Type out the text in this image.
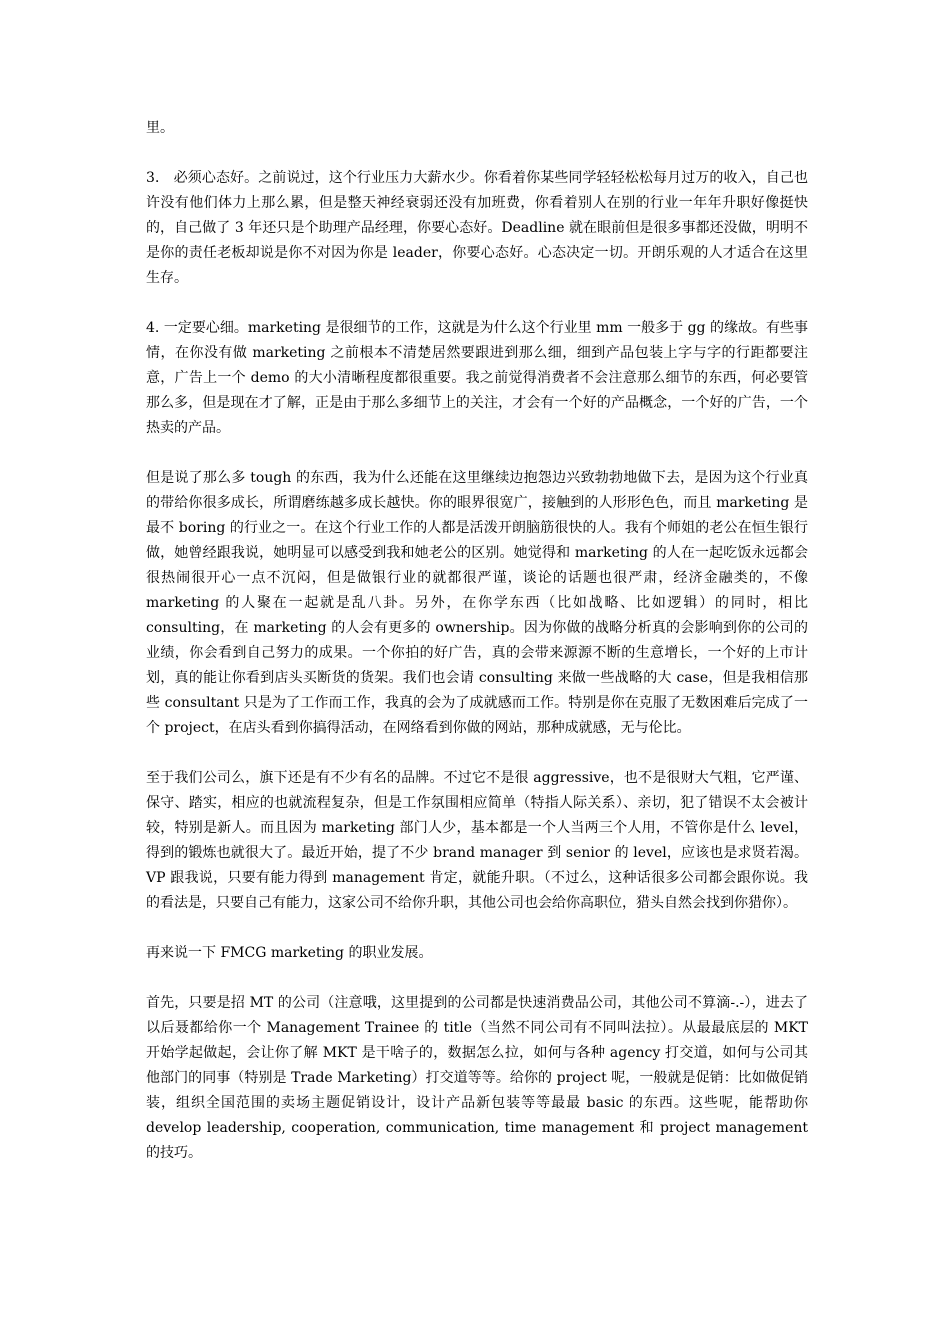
里。

3． 必须心态好。之前说过，这个行业压力大薪水少。你看着你某些同学轻轻松松每月过万的收入，自己也许没有他们体力上那么累，但是整天神经衰弱还没有加班费，你看着别人在别的行业一年年升职好像挺快的，自己做了 3 年还只是个助理产品经理，你要心态好。Deadline 就在眼前但是很多事都还没做，明明不是你的责任老板却说是你不对因为你是 leader，你要心态好。心态决定一切。开朗乐观的人才适合在这里生存。

4. 一定要心细。marketing 是很细节的工作，这就是为什么这个行业里 mm 一般多于 gg 的缘故。有些事情，在你没有做 marketing 之前根本不清楚居然要跟进到那么细，细到产品包装上字与字的行距都要注意，广告上一个 demo 的大小清晰程度都很重要。我之前觉得消费者不会注意那么细节的东西，何必要管那么多，但是现在才了解，正是由于那么多细节上的关注，才会有一个好的产品概念，一个好的广告，一个热卖的产品。

但是说了那么多 tough 的东西，我为什么还能在这里继续边抱怨边兴致勃勃地做下去，是因为这个行业真的带给你很多成长，所谓磨练越多成长越快。你的眼界很宽广，接触到的人形形色色，而且 marketing 是最不 boring 的行业之一。在这个行业工作的人都是活泼开朗脑筋很快的人。我有个师姐的老公在恒生银行做，她曾经跟我说，她明显可以感受到我和她老公的区别。她觉得和 marketing 的人在一起吃饭永远都会很热闹很开心一点不沉闷，但是做银行业的就都很严谨，谈论的话题也很严肃，经济金融类的，不像 marketing 的人聚在一起就是乱八卦。另外，在你学东西（比如战略、比如逻辑）的同时，相比 consulting，在 marketing 的人会有更多的 ownership。因为你做的战略分析真的会影响到你的公司的业绩，你会看到自己努力的成果。一个你拍的好广告，真的会带来源源不断的生意增长，一个好的上市计划，真的能让你看到店头买断货的货架。我们也会请 consulting 来做一些战略的大 case，但是我相信那些 consultant 只是为了工作而工作，我真的会为了成就感而工作。特别是你在克服了无数困难后完成了一个 project，在店头看到你搞得活动，在网络看到你做的网站，那种成就感，无与伦比。

至于我们公司么，旗下还是有不少有名的品牌。不过它不是很 aggressive，也不是很财大气粗，它严谨、保守、踏实，相应的也就流程复杂，但是工作氛围相应简单（特指人际关系）、亲切，犯了错误不太会被计较，特别是新人。而且因为 marketing 部门人少，基本都是一个人当两三个人用，不管你是什么 level，得到的锻炼也就很大了。最近开始，提了不少 brand manager 到 senior 的 level，应该也是求贤若渴。VP 跟我说，只要有能力得到 management 肯定，就能升职。（不过么，这种话很多公司都会跟你说。我的看法是，只要自己有能力，这家公司不给你升职，其他公司也会给你高职位，猎头自然会找到你猎你）。

再来说一下 FMCG marketing 的职业发展。

首先，只要是招 MT 的公司（注意哦，这里提到的公司都是快速消费品公司，其他公司不算滴-.-），进去了以后聂都给你一个 Management Trainee 的 title（当然不同公司有不同叫法拉）。从最最底层的 MKT 开始学起做起，会让你了解 MKT 是干啥子的，数据怎么拉，如何与各种 agency 打交道，如何与公司其他部门的同事（特别是 Trade Marketing）打交道等等。给你的 project 呢，一般就是促销：比如做促销装，组织全国范围的卖场主题促销设计，设计产品新包装等等最最 basic 的东西。这些呢，能帮助你 develop leadership, cooperation, communication, time management 和 project management 的技巧。
